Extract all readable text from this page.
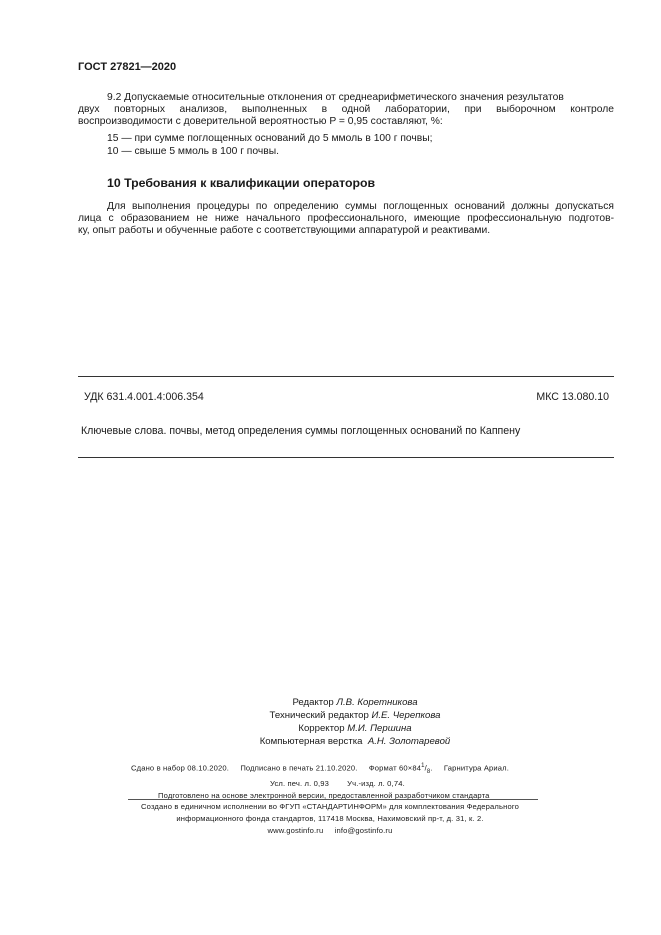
ГОСТ 27821—2020
9.2 Допускаемые относительные отклонения от среднеарифметического значения результатов
двух повторных анализов, выполненных в одной лаборатории, при выборочном контроле
воспроизводимости с доверительной вероятностью P = 0,95 составляют, %:
15 — при сумме поглощенных оснований до 5 ммоль в 100 г почвы;
10 — свыше 5 ммоль в 100 г почвы.
10 Требования к квалификации операторов
Для выполнения процедуры по определению суммы поглощенных оснований должны допускаться
лица с образованием не ниже начального профессионального, имеющие профессиональную подготов-
ку, опыт работы и обученные работе с соответствующими аппаратурой и реактивами.
УДК 631.4.001.4:006.354	МКС 13.080.10
Ключевые слова. почвы, метод определения суммы поглощенных оснований по Каппену
Редактор Л.В. Коретникова
Технический редактор И.Е. Черепкова
Корректор М.И. Першина
Компьютерная верстка А.Н. Золотаревой
Сдано в набор 08.10.2020. Подписано в печать 21.10.2020. Формат $60\times 84^1/_8$.     Гарнитура Ариал.
Усл. печ. л. 0,93 Уч.-изд. л. 0,74.
Подготовлено на основе электронной версии, предоставленной разработчиком стандарта
Создано в единичном исполнении во ФГУП «СТАНДАРТИНФОРМ» для комплектования Федерального
информационного фонда стандартов, 117418 Москва, Нахимовский пр-т, д. 31, к. 2.
www.gostinfo.ru info@gostinfo.ru
